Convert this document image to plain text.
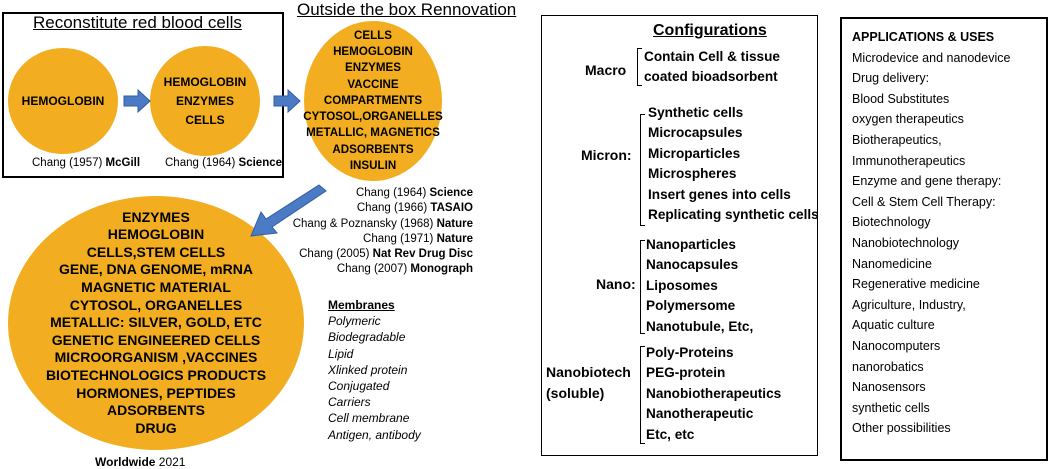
Reconstitute red blood cells
Outside the box Rennovation
HEMOGLOBIN
HEMOGLOBIN
ENZYMES
CELLS
CELLS
HEMOGLOBIN
ENZYMES
VACCINE
COMPARTMENTS
CYTOSOL,ORGANELLES
METALLIC, MAGNETICS
ADSORBENTS
INSULIN
ENZYMES
HEMOGLOBIN
CELLS,STEM CELLS
GENE, DNA GENOME, mRNA
MAGNETIC MATERIAL
CYTOSOL, ORGANELLES
METALLIC: SILVER, GOLD, ETC
GENETIC ENGINEERED CELLS
MICROORGANISM ,VACCINES
BIOTECHNOLOGICS PRODUCTS
HORMONES, PEPTIDES
ADSORBENTS
DRUG
Chang (1957) McGill Chang (1964) Science
Chang (1964) Science
Chang (1966) TASAIO
Chang & Poznansky (1968) Nature
Chang (1971) Nature
Chang (2005) Nat Rev Drug Disc
Chang (2007) Monograph
Membranes
Polymeric
Biodegradable
Lipid
Xlinked protein
Conjugated
Carriers
Cell membrane
Antigen, antibody
Worldwide 2021
Configurations
Macro
Contain Cell & tissue
coated bioadsorbent
Micron:
Synthetic cells
Microcapsules
Microparticles
Microspheres
Insert genes into cells
Replicating synthetic cells
Nano:
Nanoparticles
Nanocapsules
Liposomes
Polymersome
Nanotubule, Etc,
Nanobiotech
(soluble)
Poly-Proteins
PEG-protein
Nanobiotherapeutics
Nanotherapeutic
Etc, etc
APPLICATIONS & USES
Microdevice and nanodevice
Drug delivery:
Blood Substitutes
oxygen therapeutics
Biotherapeutics,
Immunotherapeutics
Enzyme and gene therapy:
Cell & Stem Cell Therapy:
Biotechnology
Nanobiotechnology
Nanomedicine
Regenerative medicine
Agriculture, Industry,
Aquatic culture
Nanocomputers
nanorobatics
Nanosensors
synthetic cells
Other possibilities
